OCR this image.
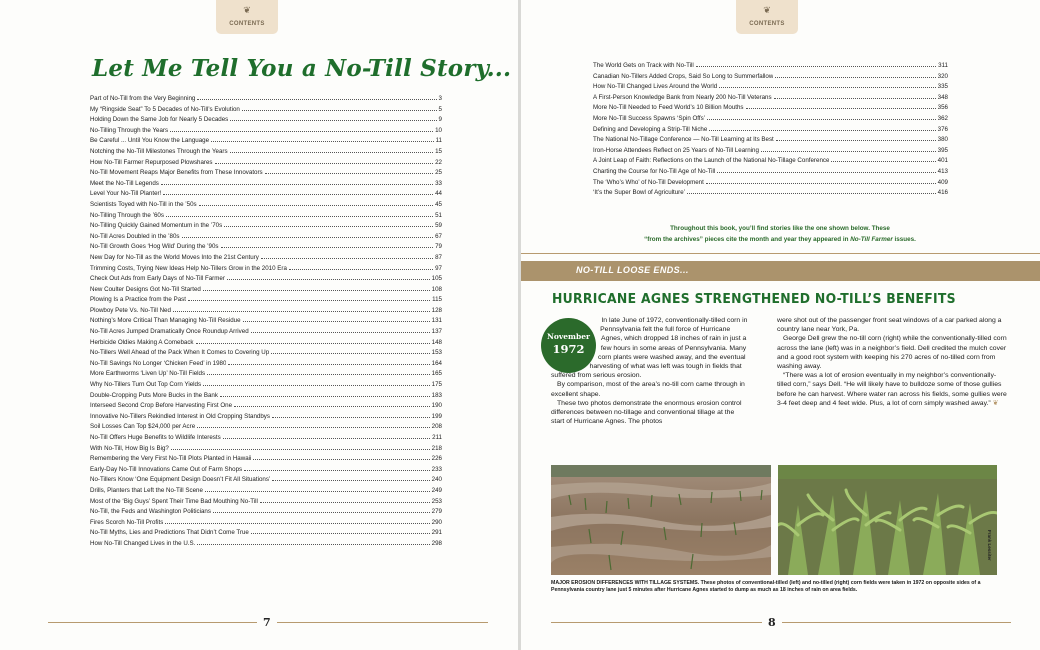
❦
CONTENTS
Let Me Tell You a No-Till Story...
Part of No-Till from the Very Beginning	3
My “Ringside Seat” To 5 Decades of No-Till’s Evolution	5
Holding Down the Same Job for Nearly 5 Decades	9
No-Tilling Through the Years	10
Be Careful ... Until You Know the Language	11
Notching the No-Till Milestones Through the Years	15
How No-Till Farmer Repurposed Plowshares	22
No-Till Movement Reaps Major Benefits from These Innovators	25
Meet the No-Till Legends	33
Level Your No-Till Planter!	44
Scientists Toyed with No-Till in the ’50s	45
No-Tilling Through the ’60s	51
No-Tilling Quickly Gained Momentum in the ’70s	59
No-Till Acres Doubled in the ’80s	67
No-Till Growth Goes ‘Hog Wild’ During the ’90s	79
New Day for No-Till as the World Moves Into the 21st Century	87
Trimming Costs, Trying New Ideas Help No-Tillers Grow in the 2010 Era	97
Check Out Ads from Early Days of No-Till Farmer	105
New Coulter Designs Got No-Till Started	108
Plowing Is a Practice from the Past	115
Plowboy Pete Vs. No-Till Ned	128
Nothing’s More Critical Than Managing No-Till Residue	131
No-Till Acres Jumped Dramatically Once Roundup Arrived	137
Herbicide Oldies Making A Comeback	148
No-Tillers Well Ahead of the Pack When It Comes to Covering Up	153
No-Till Savings No Longer ‘Chicken Feed’ in 1980	164
More Earthworms ‘Liven Up’ No-Till Fields	165
Why No-Tillers Turn Out Top Corn Yields	175
Double-Cropping Puts More Bucks in the Bank	183
Interseed Second Crop Before Harvesting First One	190
Innovative No-Tillers Rekindled Interest in Old Cropping Standbys	199
Soil Losses Can Top $24,000 per Acre	208
No-Till Offers Huge Benefits to Wildlife Interests	211
With No-Till, How Big Is Big?	218
Remembering the Very First No-Till Plots Planted in Hawaii	226
Early-Day No-Till Innovations Came Out of Farm Shops	233
No-Tillers Know ‘One Equipment Design Doesn’t Fit All Situations’	240
Drills, Planters that Left the No-Till Scene	249
Most of the ‘Big Guys’ Spent Their Time Bad Mouthing No-Till	253
No-Till, the Feds and Washington Politicians	279
Fires Scorch No-Till Profits	290
No-Till Myths, Lies and Predictions That Didn’t Come True	291
How No-Till Changed Lives in the U.S.	298
7
❦
CONTENTS
The World Gets on Track with No-Till	311
Canadian No-Tillers Added Crops, Said So Long to Summerfallow	320
How No-Till Changed Lives Around the World	335
A First-Person Knowledge Bank from Nearly 200 No-Till Veterans	348
More No-Till Needed to Feed World’s 10 Billion Mouths	356
More No-Till Success Spawns ‘Spin Offs’	362
Defining and Developing a Strip-Till Niche	376
The National No-Tillage Conference — No-Till Learning at Its Best	380
Iron-Horse Attendees Reflect on 25 Years of No-Till Learning	395
A Joint Leap of Faith: Reflections on the Launch of the National No-Tillage Conference	401
Charting the Course for No-Till Age of No-Till	413
The ‘Who’s Who’ of No-Till Development	409
‘It’s the Super Bowl of Agriculture’	416
Throughout this book, you’ll find stories like the one shown below. These
“from the archives” pieces cite the month and year they appeared in No-Till Farmer issues.
NO-TILL LOOSE ENDS...
HURRICANE AGNES STRENGTHENED NO-TILL’S BENEFITS
November
1972

In late June of 1972, conventionally-tilled corn in Pennsylvania felt the full force of Hurricane Agnes, which dropped 18 inches of rain in just a few hours in some areas of Pennsylvania. Many corn plants were washed away, and the eventual harvesting of what was left was tough in fields that suffered from serious erosion.

By comparison, most of the area’s no-till corn came through in excellent shape.

These two photos demonstrate the enormous erosion control differences between no-tillage and conventional tillage at the start of Hurricane Agnes. The photos

were shot out of the passenger front seat windows of a car parked along a country lane near York, Pa.

George Dell grew the no-till corn (right) while the conventionally-tilled corn across the lane (left) was in a neighbor’s field. Dell credited the mulch cover and a good root system with keeping his 270 acres of no-tilled corn from washing away.

“There was a lot of erosion eventually in my neighbor’s conventionally-tilled corn,” says Dell. “He will likely have to bulldoze some of those gullies before he can harvest. Where water ran across his fields, some gullies were 3-4 feet deep and 4 feet wide. Plus, a lot of corn simply washed away.” ❦

Frank Lessiter
MAJOR EROSION DIFFERENCES WITH TILLAGE SYSTEMS. These photos of conventional-tilled (left) and no-tilled (right) corn fields were taken in 1972 on opposite sides of a Pennsylvania country lane just 5 minutes after Hurricane Agnes started to dump as much as 18 inches of rain on area fields.
8
